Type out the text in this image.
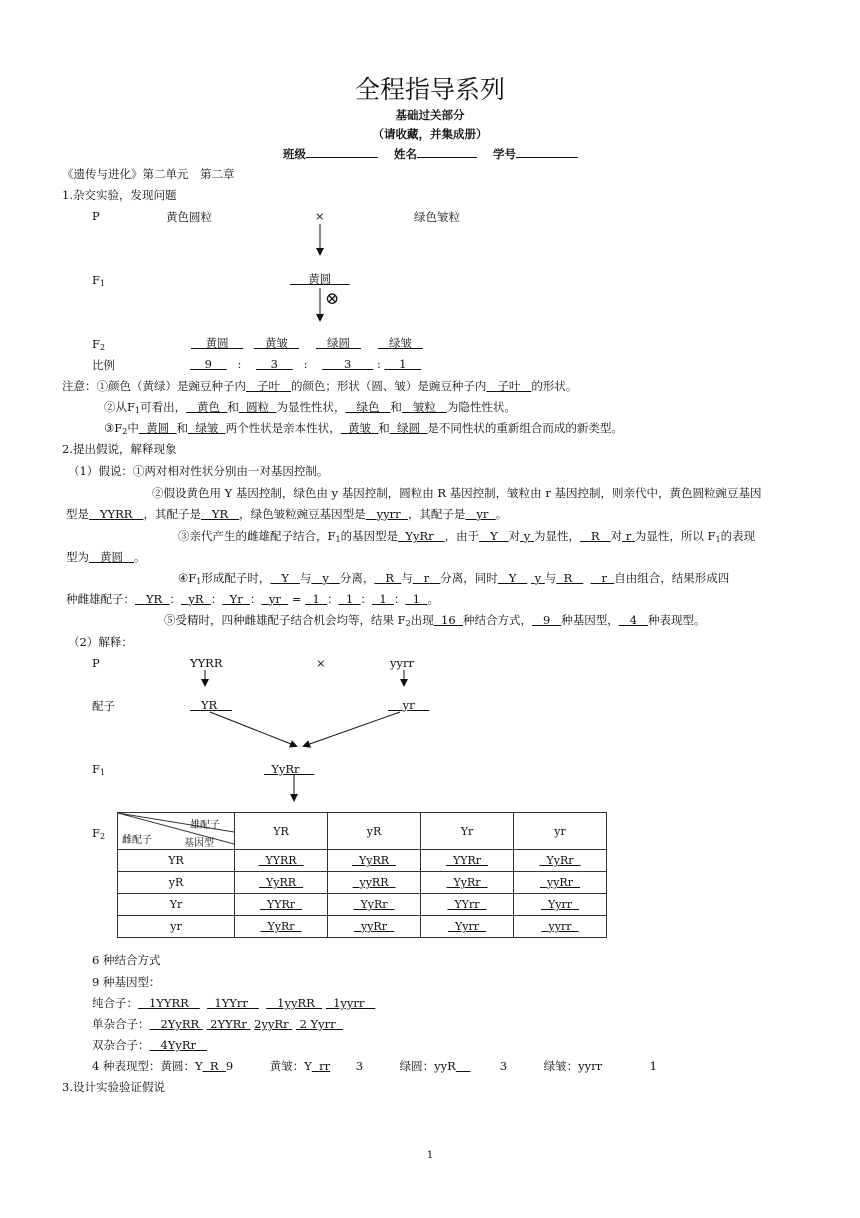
全程指导系列
基础过关部分
（请收藏，并集成册）
班级	姓名	学号
《遗传与进化》第二单元　第二章
1.杂交实验，发现问题
P	黄色圆粒	×	绿色皱粒
F1	黄圆
⊗
F2	黄圆	黄皱	绿圆	绿皱
比例	9 :	3 :	3 : 1
注意：①颜色（黄绿）是豌豆种子内 子叶 的颜色；形状（圆、皱）是豌豆种子内 子叶 的形状。
②从F1可看出， 黄色 和 圆粒 为显性性状， 绿色 和 皱粒 为隐性性状。
③F2中 黄圆 和 绿皱 两个性状是亲本性状， 黄皱 和 绿圆 是不同性状的重新组合而成的新类型。
2.提出假说，解释现象
（1）假说：①两对相对性状分别由一对基因控制。
②假设黄色用 Y 基因控制，绿色由 y 基因控制，圆粒由 R 基因控制，皱粒由 r 基因控制，则亲代中，黄色圆粒豌豆基因
型是 YYRR ，其配子是 YR ，绿色皱粒豌豆基因型是 yyrr ，其配子是 yr 。
③亲代产生的雌雄配子结合，F1的基因型是 YyRr ，由于 Y 对 y 为显性， R 对 r 为显性，所以 F1的表现
型为 黄圆 。
④F1形成配子时， Y 与 y 分离， R 与 r 分离，同时 Y y 与 R	r 自由组合，结果形成四
种雌雄配子： YR ： yR ： Yr ： yr = 1 ： 1 ： 1 ： 1 。
⑤受精时，四种雌雄配子结合机会均等，结果 F2出现 16 种结合方式， 9 种基因型， 4 种表现型。
（2）解释：
P	YYRR	×	yyrr
配子	YR	yr
F1	YyRr
F2
雄配子
基因型
雌配子	YR	yR	Yr	yr
YR	YYRR	YyRR	YYRr	YyRr
yR	YyRR	yyRR	YyRr	yyRr
Yr	YYRr	YyRr	YYrr	Yyrr
yr	YyRr	yyRr	Yyrr	yyrr
6 种结合方式
9 种基因型：
纯合子： 1YYRR 1YYrr	1yyRR 1yyrr
单杂合子： 2YyRR 2YYRr 2yyRr 2 Yyrr
双杂合子： 4YyRr
4 种表现型：黄圆：Y R 9	黄皱：Y rr 3	绿圆：yyR	3	绿皱：yyrr	1
3.设计实验验证假说
1
